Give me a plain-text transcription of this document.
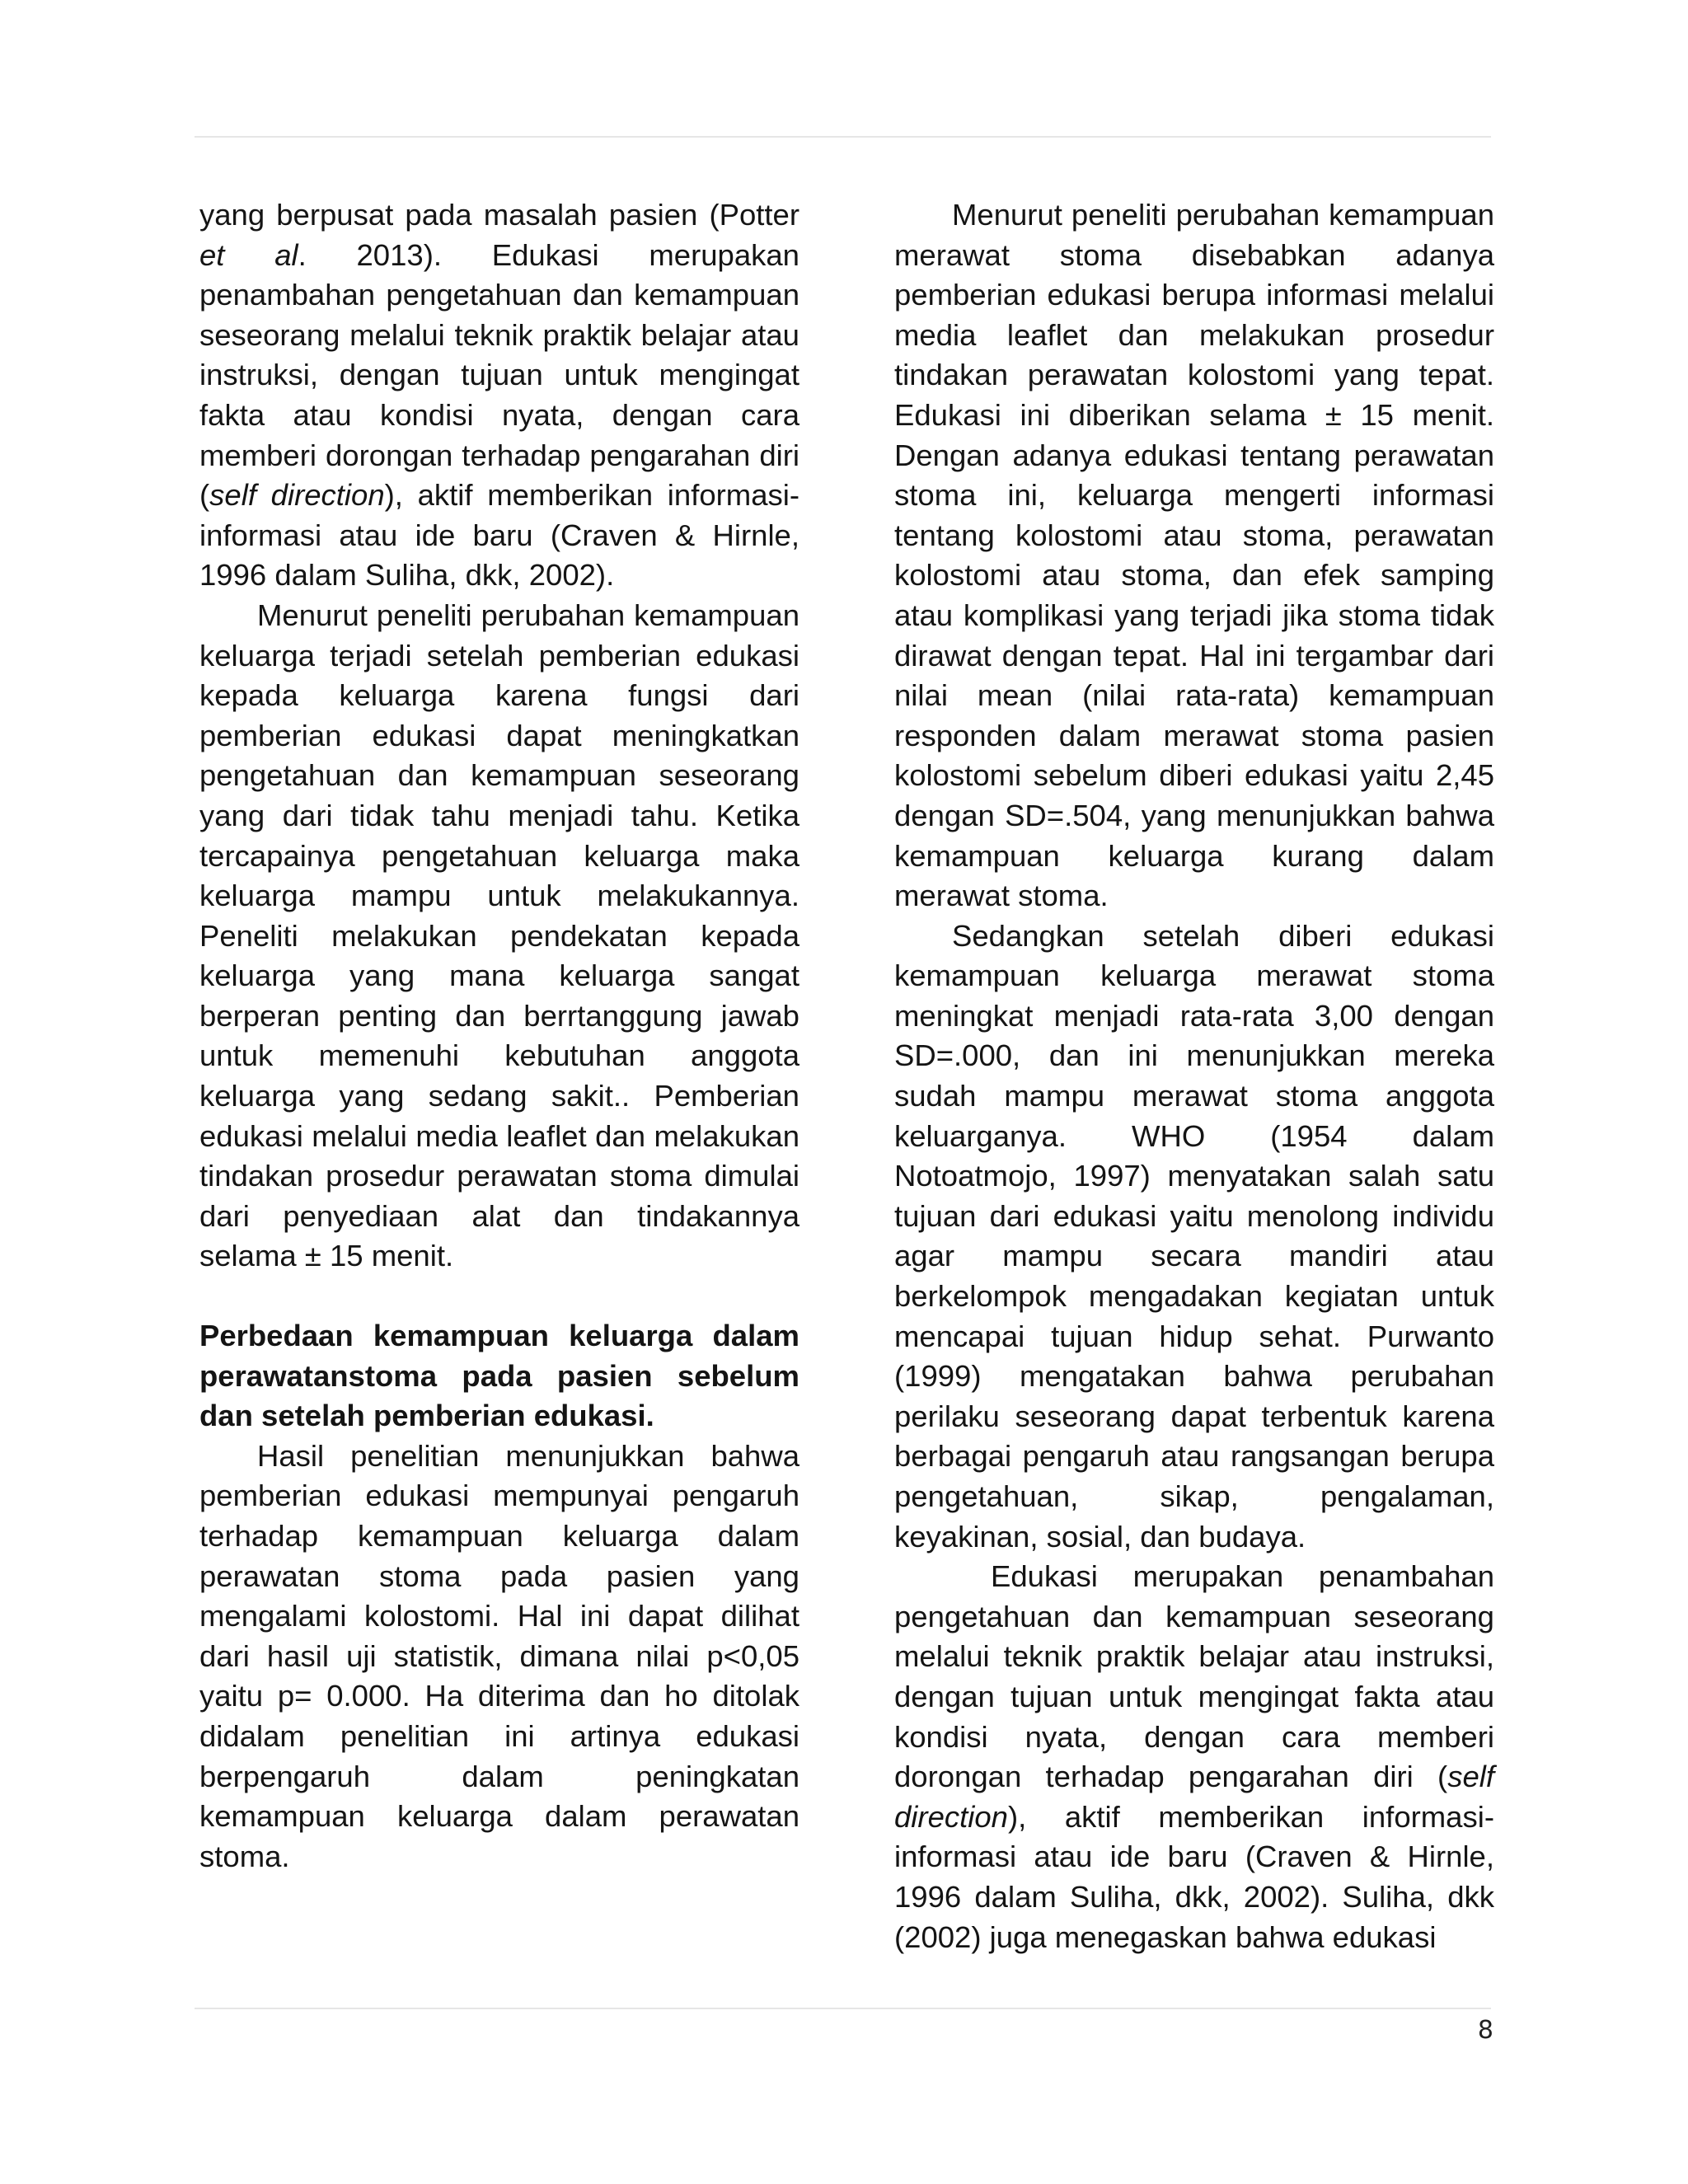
yang berpusat pada masalah pasien (Potter et al. 2013). Edukasi merupakan penambahan pengetahuan dan kemampuan seseorang melalui teknik praktik belajar atau instruksi, dengan tujuan untuk mengingat fakta atau kondisi nyata, dengan cara memberi dorongan terhadap pengarahan diri (self direction), aktif memberikan informasi-informasi atau ide baru (Craven & Hirnle, 1996 dalam Suliha, dkk, 2002).

Menurut peneliti perubahan kemampuan keluarga terjadi setelah pemberian edukasi kepada keluarga karena fungsi dari pemberian edukasi dapat meningkatkan pengetahuan dan kemampuan seseorang yang dari tidak tahu menjadi tahu. Ketika tercapainya pengetahuan keluarga maka keluarga mampu untuk melakukannya. Peneliti melakukan pendekatan kepada keluarga yang mana keluarga sangat berperan penting dan berrtanggung jawab untuk memenuhi kebutuhan anggota keluarga yang sedang sakit.. Pemberian edukasi melalui media leaflet dan melakukan tindakan prosedur perawatan stoma dimulai dari penyediaan alat dan tindakannya selama ± 15 menit.

Perbedaan kemampuan keluarga dalam perawatanstoma pada pasien sebelum dan setelah pemberian edukasi.

Hasil penelitian menunjukkan bahwa pemberian edukasi mempunyai pengaruh terhadap kemampuan keluarga dalam perawatan stoma pada pasien yang mengalami kolostomi. Hal ini dapat dilihat dari hasil uji statistik, dimana nilai p<0,05 yaitu p= 0.000. Ha diterima dan ho ditolak didalam penelitian ini artinya edukasi berpengaruh dalam peningkatan kemampuan keluarga dalam perawatan stoma.

Menurut peneliti perubahan kemampuan merawat stoma disebabkan adanya pemberian edukasi berupa informasi melalui media leaflet dan melakukan prosedur tindakan perawatan kolostomi yang tepat. Edukasi ini diberikan selama ± 15 menit. Dengan adanya edukasi tentang perawatan stoma ini, keluarga mengerti informasi tentang kolostomi atau stoma, perawatan kolostomi atau stoma, dan efek samping atau komplikasi yang terjadi jika stoma tidak dirawat dengan tepat. Hal ini tergambar dari nilai mean (nilai rata-rata) kemampuan responden dalam merawat stoma pasien kolostomi sebelum diberi edukasi yaitu 2,45 dengan SD=.504, yang menunjukkan bahwa kemampuan keluarga kurang dalam merawat stoma.

Sedangkan setelah diberi edukasi kemampuan keluarga merawat stoma meningkat menjadi rata-rata 3,00 dengan SD=.000, dan ini menunjukkan mereka sudah mampu merawat stoma anggota keluarganya. WHO (1954 dalam Notoatmojo, 1997) menyatakan salah satu tujuan dari edukasi yaitu menolong individu agar mampu secara mandiri atau berkelompok mengadakan kegiatan untuk mencapai tujuan hidup sehat. Purwanto (1999) mengatakan bahwa perubahan perilaku seseorang dapat terbentuk karena berbagai pengaruh atau rangsangan berupa pengetahuan, sikap, pengalaman, keyakinan, sosial, dan budaya.

Edukasi merupakan penambahan pengetahuan dan kemampuan seseorang melalui teknik praktik belajar atau instruksi, dengan tujuan untuk mengingat fakta atau kondisi nyata, dengan cara memberi dorongan terhadap pengarahan diri (self direction), aktif memberikan informasi-informasi atau ide baru (Craven & Hirnle, 1996 dalam Suliha, dkk, 2002). Suliha, dkk (2002) juga menegaskan bahwa edukasi

8
